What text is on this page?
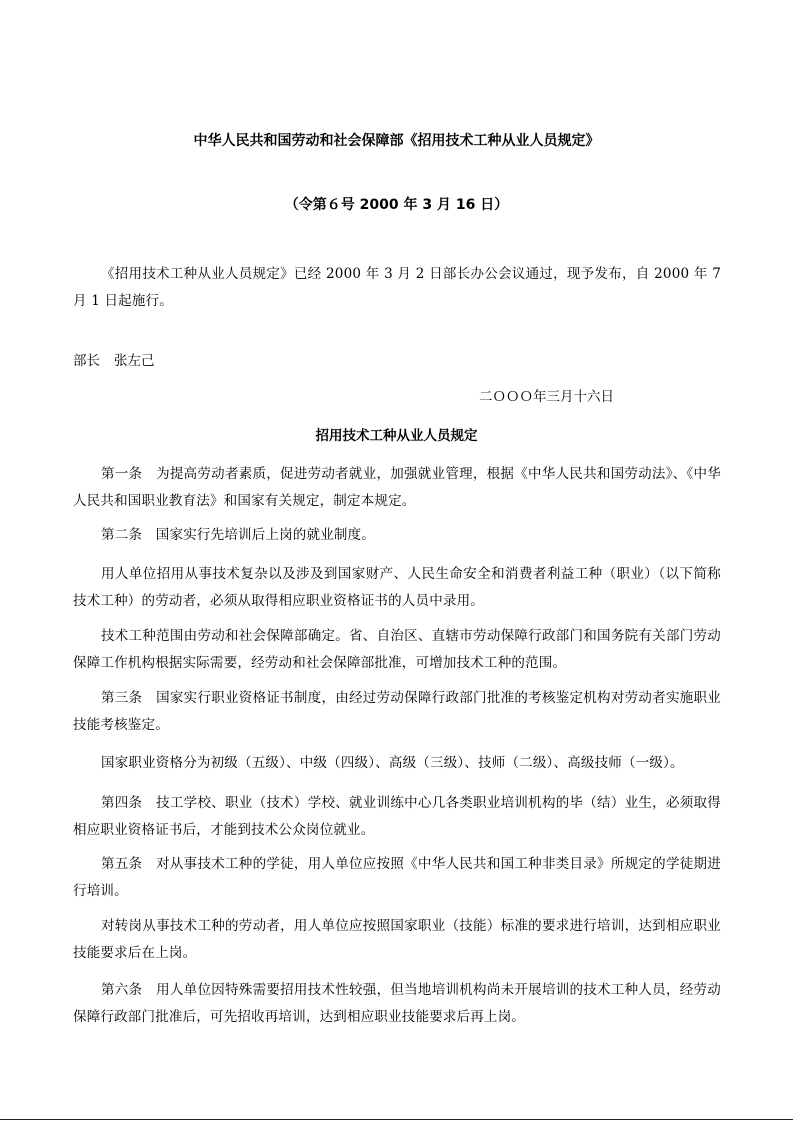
中华人民共和国劳动和社会保障部《招用技术工种从业人员规定》
（令第６号 2000 年 3 月 16 日）

《招用技术工种从业人员规定》已经 2000 年 3 月 2 日部长办公会议通过，现予发布，自 2000 年 7 月 1 日起施行。

部长 张左己

二ＯＯＯ年三月十六日

招用技术工种从业人员规定

第一条　为提高劳动者素质，促进劳动者就业，加强就业管理，根据《中华人民共和国劳动法》、《中华人民共和国职业教育法》和国家有关规定，制定本规定。

第二条　国家实行先培训后上岗的就业制度。

用人单位招用从事技术复杂以及涉及到国家财产、人民生命安全和消费者利益工种（职业）（以下简称技术工种）的劳动者，必须从取得相应职业资格证书的人员中录用。

技术工种范围由劳动和社会保障部确定。省、自治区、直辖市劳动保障行政部门和国务院有关部门劳动保障工作机构根据实际需要，经劳动和社会保障部批准，可增加技术工种的范围。

第三条　国家实行职业资格证书制度，由经过劳动保障行政部门批准的考核鉴定机构对劳动者实施职业技能考核鉴定。

国家职业资格分为初级（五级）、中级（四级）、高级（三级）、技师（二级）、高级技师（一级）。

第四条　技工学校、职业（技术）学校、就业训练中心几各类职业培训机构的毕（结）业生，必须取得相应职业资格证书后，才能到技术公众岗位就业。

第五条　对从事技术工种的学徒，用人单位应按照《中华人民共和国工种非类目录》所规定的学徒期进行培训。

对转岗从事技术工种的劳动者，用人单位应按照国家职业（技能）标准的要求进行培训，达到相应职业技能要求后在上岗。

第六条　用人单位因特殊需要招用技术性较强，但当地培训机构尚未开展培训的技术工种人员，经劳动保障行政部门批准后，可先招收再培训，达到相应职业技能要求后再上岗。
